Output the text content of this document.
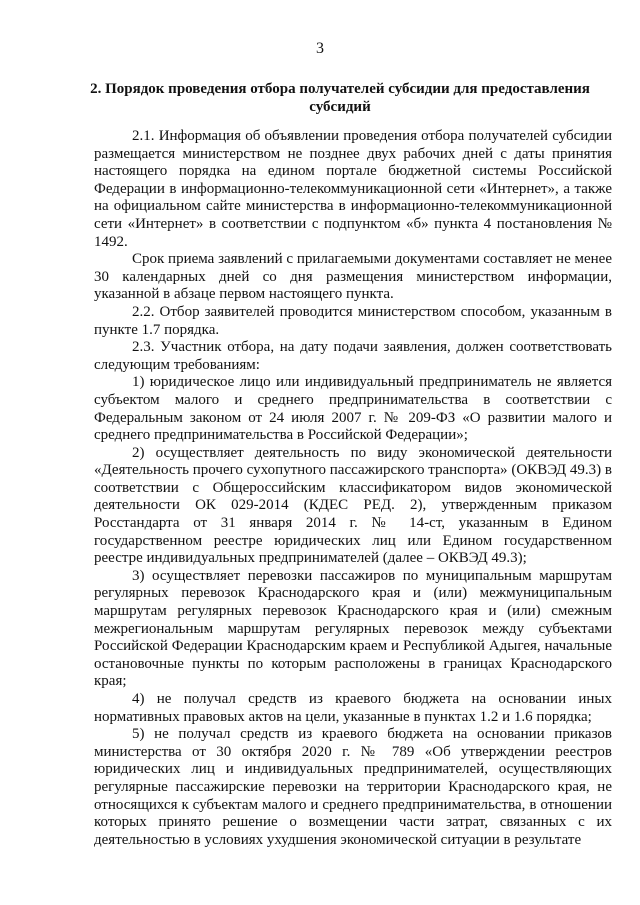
3
2. Порядок проведения отбора получателей субсидии для предоставления субсидий

2.1. Информация об объявлении проведения отбора получателей субсидии размещается министерством не позднее двух рабочих дней с даты принятия настоящего порядка на едином портале бюджетной системы Российской Федерации в информационно-телекоммуникационной сети «Интернет», а также на официальном сайте министерства в информационно-телекоммуникационной сети «Интернет» в соответствии с подпунктом «б» пункта 4 постановления № 1492.

Срок приема заявлений с прилагаемыми документами составляет не менее 30 календарных дней со дня размещения министерством информации, указанной в абзаце первом настоящего пункта.

2.2. Отбор заявителей проводится министерством способом, указанным в пункте 1.7 порядка.

2.3. Участник отбора, на дату подачи заявления, должен соответствовать следующим требованиям:

1) юридическое лицо или индивидуальный предприниматель не является субъектом малого и среднего предпринимательства в соответствии с Федеральным законом от 24 июля 2007 г. № 209-ФЗ «О развитии малого и среднего предпринимательства в Российской Федерации»;

2) осуществляет деятельность по виду экономической деятельности «Деятельность прочего сухопутного пассажирского транспорта» (ОКВЭД 49.3) в соответствии с Общероссийским классификатором видов экономической деятельности ОК 029-2014 (КДЕС РЕД. 2), утвержденным приказом Росстандарта от 31 января 2014 г. № 14-ст, указанным в Едином государственном реестре юридических лиц или Едином государственном реестре индивидуальных предпринимателей (далее – ОКВЭД 49.3);

3) осуществляет перевозки пассажиров по муниципальным маршрутам регулярных перевозок Краснодарского края и (или) межмуниципальным маршрутам регулярных перевозок Краснодарского края и (или) смежным межрегиональным маршрутам регулярных перевозок между субъектами Российской Федерации Краснодарским краем и Республикой Адыгея, начальные остановочные пункты по которым расположены в границах Краснодарского края;

4) не получал средств из краевого бюджета на основании иных нормативных правовых актов на цели, указанные в пунктах 1.2 и 1.6 порядка;

5) не получал средств из краевого бюджета на основании приказов министерства от 30 октября 2020 г. № 789 «Об утверждении реестров юридических лиц и индивидуальных предпринимателей, осуществляющих регулярные пассажирские перевозки на территории Краснодарского края, не относящихся к субъектам малого и среднего предпринимательства, в отношении которых принято решение о возмещении части затрат, связанных с их деятельностью в условиях ухудшения экономической ситуации в результате
